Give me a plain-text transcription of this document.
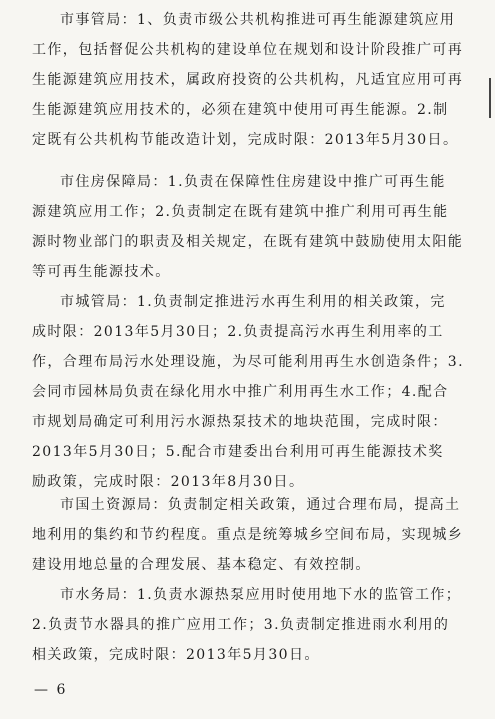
市事管局：1、负责市级公共机构推进可再生能源建筑应用
工作，包括督促公共机构的建设单位在规划和设计阶段推广可再
生能源建筑应用技术，属政府投资的公共机构，凡适宜应用可再
生能源建筑应用技术的，必须在建筑中使用可再生能源。2.制
定既有公共机构节能改造计划，完成时限：2013年5月30日。
市住房保障局：1.负责在保障性住房建设中推广可再生能
源建筑应用工作；2.负责制定在既有建筑中推广利用可再生能
源时物业部门的职责及相关规定，在既有建筑中鼓励使用太阳能
等可再生能源技术。
市城管局：1.负责制定推进污水再生利用的相关政策，完
成时限：2013年5月30日；2.负责提高污水再生利用率的工
作，合理布局污水处理设施，为尽可能利用再生水创造条件；3.
会同市园林局负责在绿化用水中推广利用再生水工作；4.配合
市规划局确定可利用污水源热泵技术的地块范围，完成时限：
2013年5月30日；5.配合市建委出台利用可再生能源技术奖
励政策，完成时限：2013年8月30日。
市国土资源局：负责制定相关政策，通过合理布局，提高土
地利用的集约和节约程度。重点是统筹城乡空间布局，实现城乡
建设用地总量的合理发展、基本稳定、有效控制。
市水务局：1.负责水源热泵应用时使用地下水的监管工作；
2.负责节水器具的推广应用工作；3.负责制定推进雨水利用的
相关政策，完成时限：2013年5月30日。
— 6
